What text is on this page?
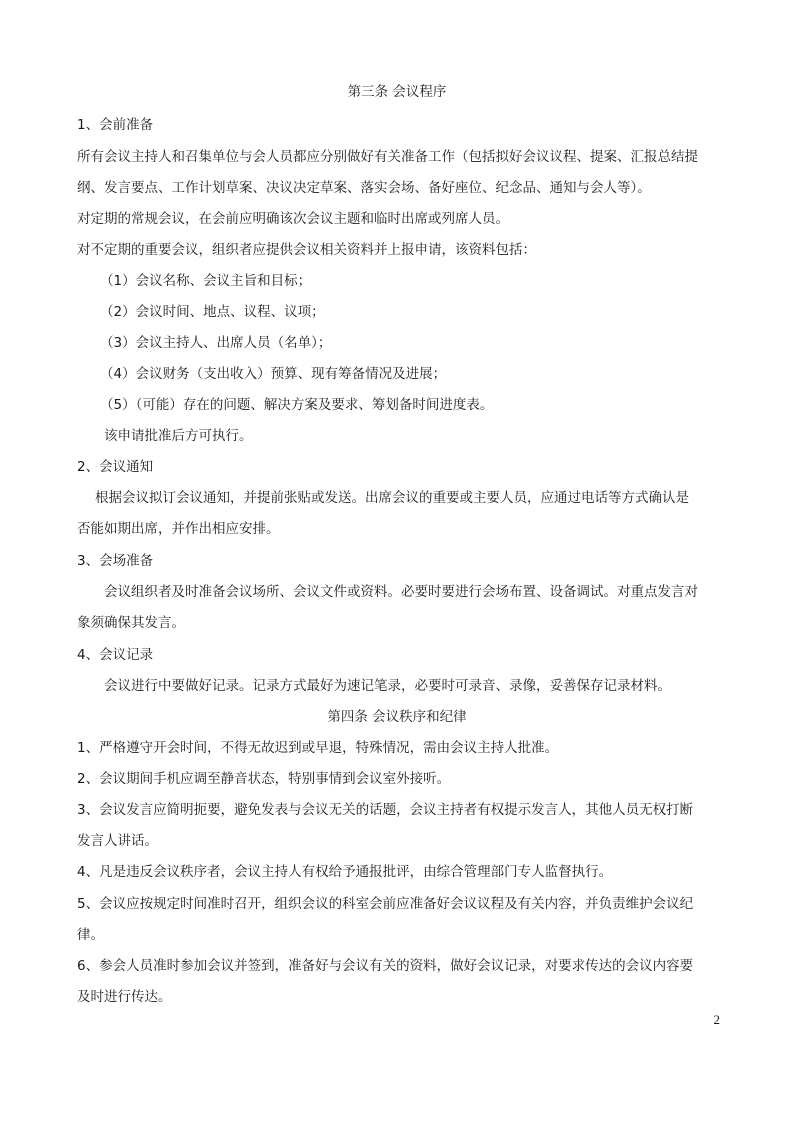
第三条 会议程序
1、会前准备
所有会议主持人和召集单位与会人员都应分别做好有关准备工作（包括拟好会议议程、提案、汇报总结提
纲、发言要点、工作计划草案、决议决定草案、落实会场、备好座位、纪念品、通知与会人等）。
对定期的常规会议，在会前应明确该次会议主题和临时出席或列席人员。
对不定期的重要会议，组织者应提供会议相关资料并上报申请，该资料包括：
（1）会议名称、会议主旨和目标；
（2）会议时间、地点、议程、议项；
（3）会议主持人、出席人员（名单）；
（4）会议财务（支出收入）预算、现有筹备情况及进展；
（5）（可能）存在的问题、解决方案及要求、筹划备时间进度表。
该申请批准后方可执行。
2、会议通知
根据会议拟订会议通知，并提前张贴或发送。出席会议的重要或主要人员，应通过电话等方式确认是
否能如期出席，并作出相应安排。
3、会场准备
会议组织者及时准备会议场所、会议文件或资料。必要时要进行会场布置、设备调试。对重点发言对
象须确保其发言。
4、会议记录
会议进行中要做好记录。记录方式最好为速记笔录，必要时可录音、录像，妥善保存记录材料。
第四条 会议秩序和纪律
1、严格遵守开会时间，不得无故迟到或早退，特殊情况，需由会议主持人批准。
2、会议期间手机应调至静音状态，特别事情到会议室外接听。
3、会议发言应简明扼要，避免发表与会议无关的话题，会议主持者有权提示发言人，其他人员无权打断
发言人讲话。
4、凡是违反会议秩序者，会议主持人有权给予通报批评，由综合管理部门专人监督执行。
5、会议应按规定时间准时召开，组织会议的科室会前应准备好会议议程及有关内容，并负责维护会议纪
律。
6、参会人员准时参加会议并签到，准备好与会议有关的资料，做好会议记录，对要求传达的会议内容要
及时进行传达。
2
